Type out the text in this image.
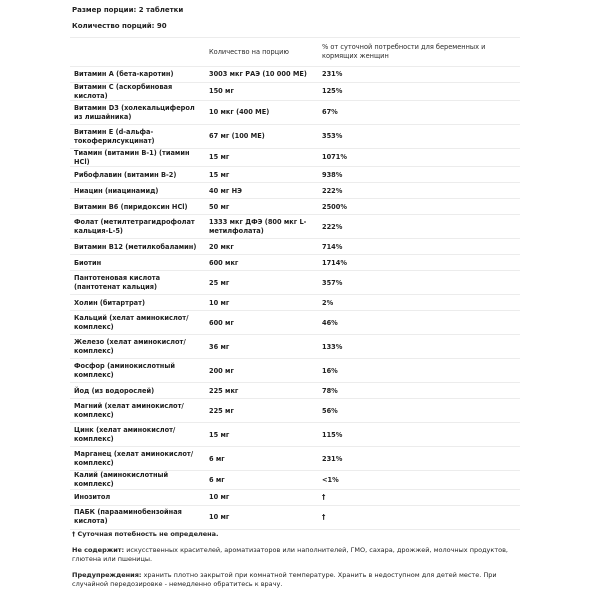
Размер порции: 2 таблетки
Количество порций: 90
	Количество на порцию	% от суточной потребности для беременных и кормящих женщин
Витамин A (бета-каротин)	3003 мкг РАЭ (10 000 МЕ)	231%
Витамин C (аскорбиновая кислота)	150 мг	125%
Витамин D3 (холекальциферол из лишайника)	10 мкг (400 МЕ)	67%
Витамин E (d-альфа-токоферилсукцинат)	67 мг (100 МЕ)	353%
Тиамин (витамин B-1) (тиамин HCl)	15 мг	1071%
Рибофлавин (витамин B-2)	15 мг	938%
Ниацин (ниацинамид)	40 мг НЭ	222%
Витамин B6 (пиридоксин HCl)	50 мг	2500%
Фолат (метилтетрагидрофолат кальция-L-5)	1333 мкг ДФЭ (800 мкг L-метилфолата)	222%
Витамин B12 (метилкобаламин)	20 мкг	714%
Биотин	600 мкг	1714%
Пантотеновая кислота (пантотенат кальция)	25 мг	357%
Холин (битартрат)	10 мг	2%
Кальций (хелат аминокислот/комплекс)	600 мг	46%
Железо (хелат аминокислот/комплекс)	36 мг	133%
Фосфор (аминокислотный комплекс)	200 мг	16%
Йод (из водорослей)	225 мкг	78%
Магний (хелат аминокислот/комплекс)	225 мг	56%
Цинк (хелат аминокислот/комплекс)	15 мг	115%
Марганец (хелат аминокислот/комплекс)	6 мг	231%
Калий (аминокислотный комплекс)	6 мг	<1%
Инозитол	10 мг	†
ПАБК (парааминобензойная кислота)	10 мг	†

† Суточная потебность не определена.

Не содержит: искусственных красителей, ароматизаторов или наполнителей, ГМО, сахара, дрожжей, молочных продуктов, глютена или пшеницы.

Предупреждения: хранить плотно закрытой при комнатной температуре. Хранить в недоступном для детей месте. При случайной передозировке - немедленно обратитесь к врачу.
